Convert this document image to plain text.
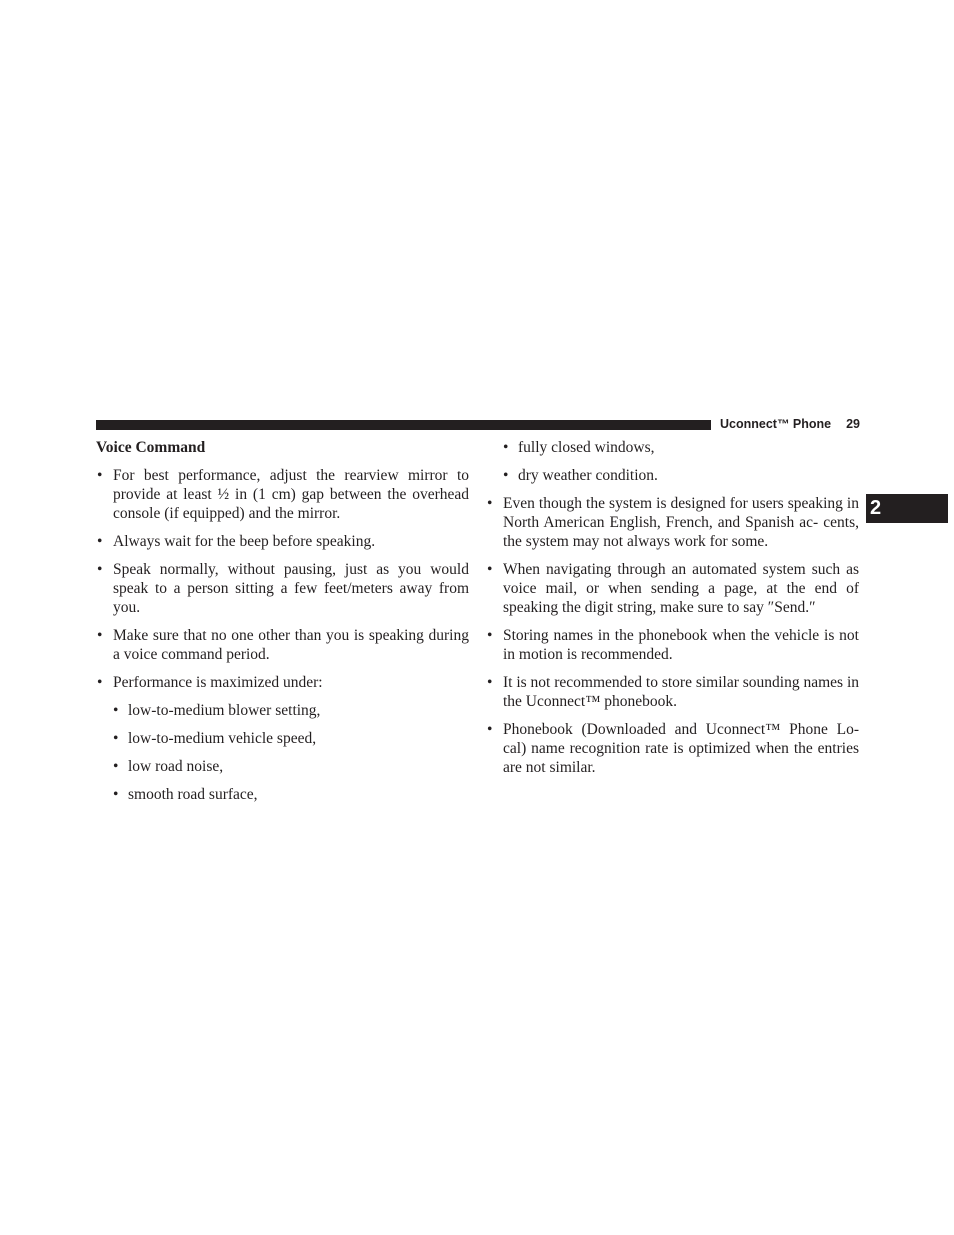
Uconnect™ Phone 29
2
Voice Command
• For best performance, adjust the rearview mirror to provide at least ½ in (1 cm) gap between the overhead console (if equipped) and the mirror.
• Always wait for the beep before speaking.
• Speak normally, without pausing, just as you would speak to a person sitting a few feet/meters away from you.
• Make sure that no one other than you is speaking during a voice command period.
• Performance is maximized under:
• low-to-medium blower setting,
• low-to-medium vehicle speed,
• low road noise,
• smooth road surface,
• fully closed windows,
• dry weather condition.
• Even though the system is designed for users speaking in North American English, French, and Spanish ac- cents, the system may not always work for some.
• When navigating through an automated system such as voice mail, or when sending a page, at the end of speaking the digit string, make sure to say ″Send.″
• Storing names in the phonebook when the vehicle is not in motion is recommended.
• It is not recommended to store similar sounding names in the Uconnect™ phonebook.
• Phonebook (Downloaded and Uconnect™ Phone Lo- cal) name recognition rate is optimized when the entries are not similar.
